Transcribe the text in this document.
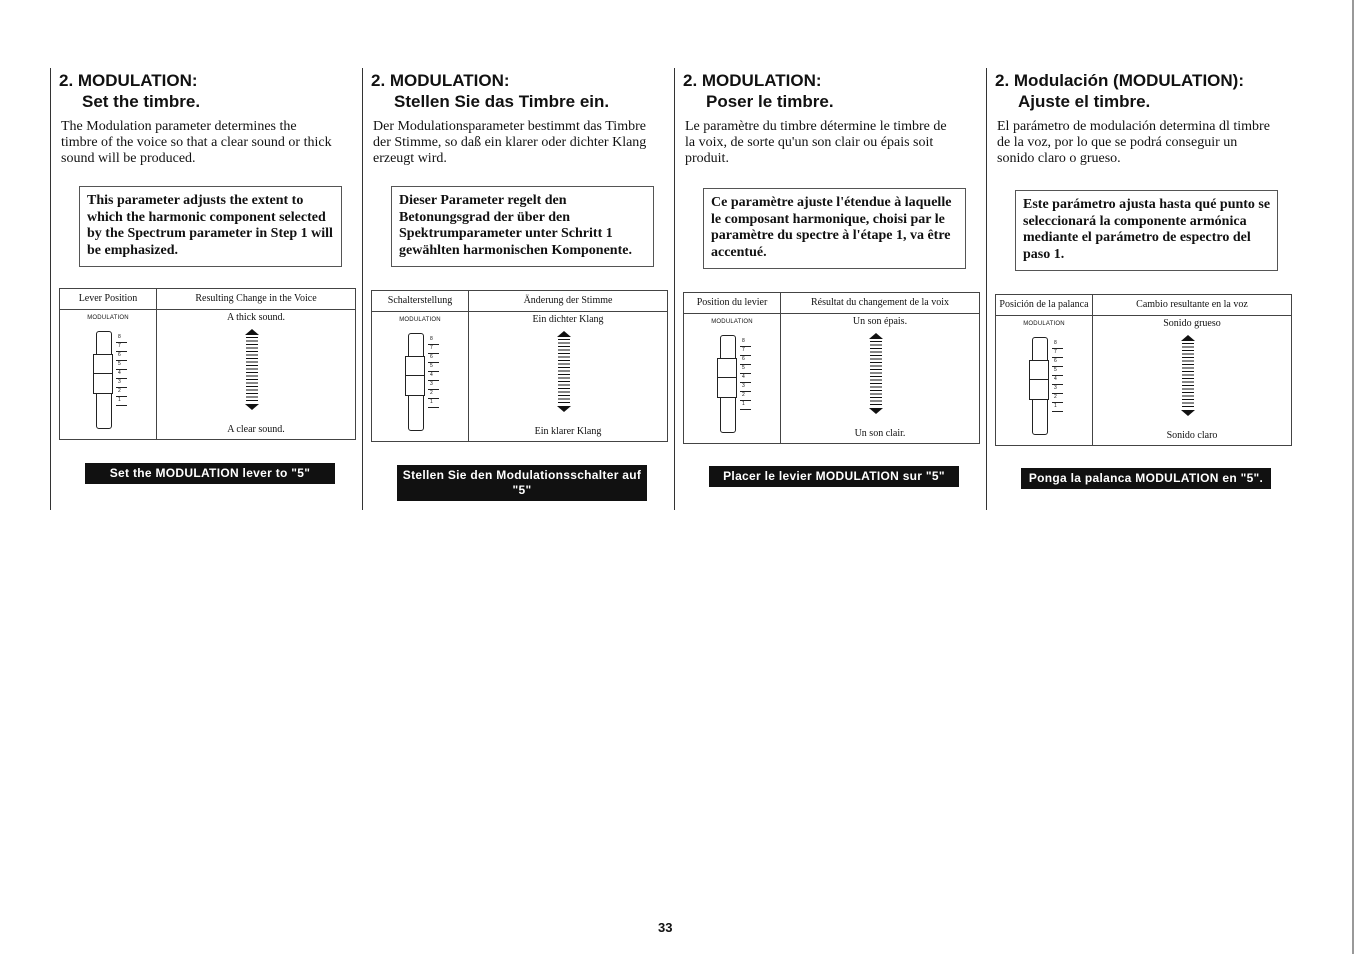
2. MODULATION:
Set the timbre.
The Modulation parameter determines the timbre of the voice so that a clear sound or thick sound will be produced.
This parameter adjusts the extent to which the harmonic component selected by the Spectrum parameter in Step 1 will be emphasized.
Lever Position	Resulting Change in the Voice
MODULATION
8
7
6
5
4
3
2
1
A thick sound.
A clear sound.
Set the MODULATION lever to "5"
2. MODULATION:
Stellen Sie das Timbre ein.
Der Modulationsparameter bestimmt das Timbre der Stimme, so daß ein klarer oder dichter Klang erzeugt wird.
Dieser Parameter regelt den Betonungsgrad der über den Spektrumparameter unter Schritt 1 gewählten harmonischen Komponente.
Schalterstellung	Änderung der Stimme
MODULATION
8
7
6
5
4
3
2
1
Ein dichter Klang
Ein klarer Klang
Stellen Sie den Modulationsschalter auf "5"
2. MODULATION:
Poser le timbre.
Le paramètre du timbre détermine le timbre de la voix, de sorte qu'un son clair ou épais soit produit.
Ce paramètre ajuste l'étendue à laquelle le composant harmonique, choisi par le paramètre du spectre à l'étape 1, va être accentué.
Position du levier	Résultat du changement de la voix
MODULATION
8
7
6
5
4
3
2
1
Un son épais.
Un son clair.
Placer le levier MODULATION sur "5"
2. Modulación (MODULATION):
Ajuste el timbre.
El parámetro de modulación determina dl timbre de la voz, por lo que se podrá conseguir un sonido claro o grueso.
Este parámetro ajusta hasta qué punto se seleccionará la componente armónica mediante el parámetro de espectro del paso 1.
Posición de la palanca	Cambio resultante en la voz
MODULATION
8
7
6
5
4
3
2
1
Sonido grueso
Sonido claro
Ponga la palanca MODULATION en "5".
33
